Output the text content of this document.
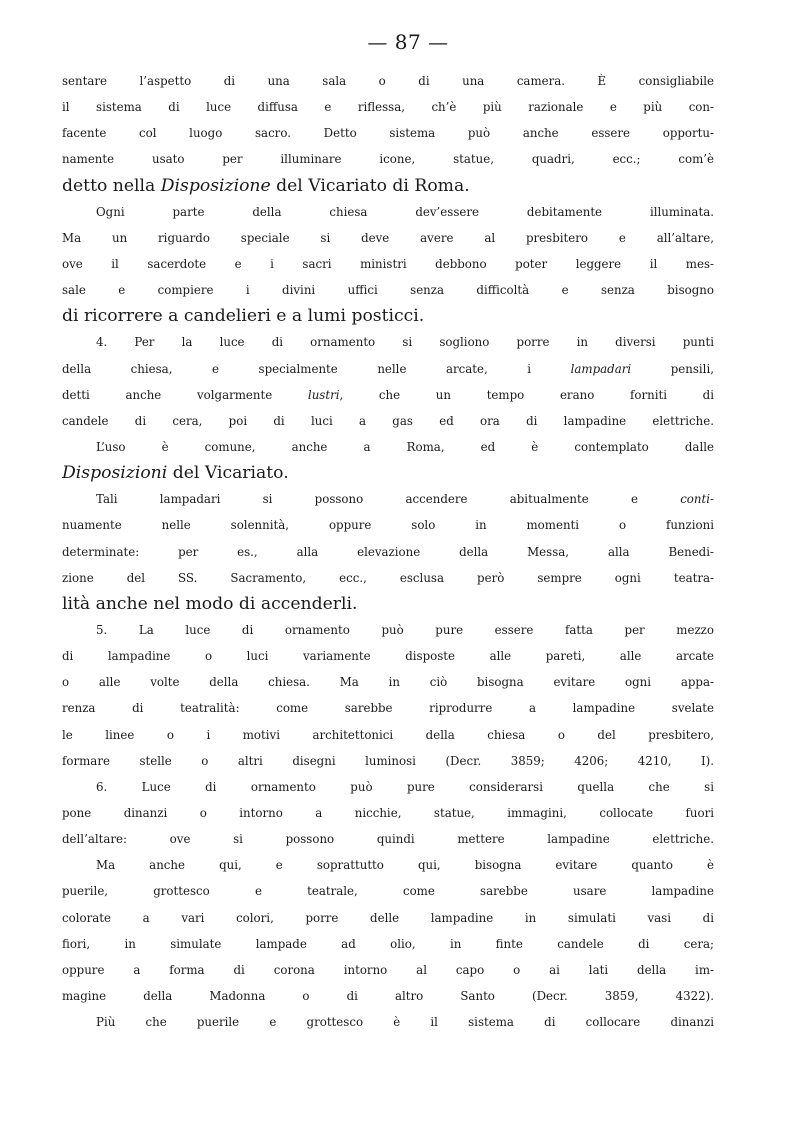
— 87 —
sentare l’aspetto di una sala o di una camera. È consigliabile
il sistema di luce diffusa e riflessa, ch’è più razionale e più con-
facente col luogo sacro. Detto sistema può anche essere opportu-
namente usato per illuminare icone, statue, quadri, ecc.; com’è
detto nella Disposizione del Vicariato di Roma.
Ogni parte della chiesa dev’essere debitamente illuminata.
Ma un riguardo speciale si deve avere al presbitero e all’altare,
ove il sacerdote e i sacri ministri debbono poter leggere il mes-
sale e compiere i divini uffici senza difficoltà e senza bisogno
di ricorrere a candelieri e a lumi posticci.
4. Per la luce di ornamento si sogliono porre in diversi punti
della chiesa, e specialmente nelle arcate, i lampadari pensili,
detti anche volgarmente lustri, che un tempo erano forniti di
candele di cera, poi di luci a gas ed ora di lampadine elettriche.
L’uso è comune, anche a Roma, ed è contemplato dalle
Disposizioni del Vicariato.
Tali lampadari si possono accendere abitualmente e conti-
nuamente nelle solennità, oppure solo in momenti o funzioni
determinate: per es., alla elevazione della Messa, alla Benedi-
zione del SS. Sacramento, ecc., esclusa però sempre ogni teatra-
lità anche nel modo di accenderli.
5. La luce di ornamento può pure essere fatta per mezzo
di lampadine o luci variamente disposte alle pareti, alle arcate
o alle volte della chiesa. Ma in ciò bisogna evitare ogni appa-
renza di teatralità: come sarebbe riprodurre a lampadine svelate
le linee o i motivi architettonici della chiesa o del presbitero,
formare stelle o altri disegni luminosi (Decr. 3859; 4206; 4210, I).
6. Luce di ornamento può pure considerarsi quella che si
pone dinanzi o intorno a nicchie, statue, immagini, collocate fuori
dell’altare: ove si possono quindi mettere lampadine elettriche.
Ma anche qui, e soprattutto qui, bisogna evitare quanto è
puerile, grottesco e teatrale, come sarebbe usare lampadine
colorate a vari colori, porre delle lampadine in simulati vasi di
fiori, in simulate lampade ad olio, in finte candele di cera;
oppure a forma di corona intorno al capo o ai lati della im-
magine della Madonna o di altro Santo (Decr. 3859, 4322).
Più che puerile e grottesco è il sistema di collocare dinanzi
